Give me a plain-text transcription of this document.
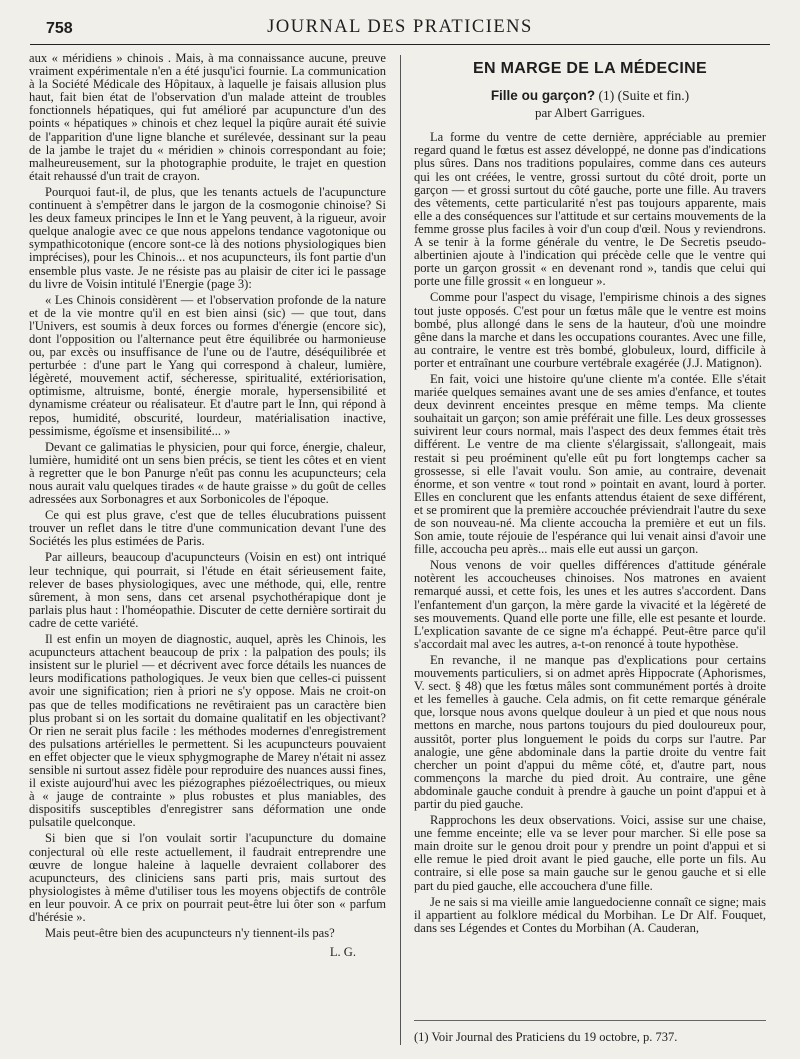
758	JOURNAL DES PRATICIENS

aux « méridiens » chinois . Mais, à ma connaissance aucune, preuve vraiment expérimentale n'en a été jusqu'ici fournie. La communication à la Société Médicale des Hôpitaux, à laquelle je faisais allusion plus haut, fait bien état de l'observation d'un malade atteint de troubles fonctionnels hépatiques, qui fut amélioré par acupuncture d'un des points « hépatiques » chinois et chez lequel la piqûre aurait été suivie de l'apparition d'une ligne blanche et surélevée, dessinant sur la peau de la jambe le trajet du « méridien » chinois correspondant au foie; malheureusement, sur la photographie produite, le trajet en question était rehaussé d'un trait de crayon.

Pourquoi faut-il, de plus, que les tenants actuels de l'acupuncture continuent à s'empêtrer dans le jargon de la cosmogonie chinoise? Si les deux fameux principes le Inn et le Yang peuvent, à la rigueur, avoir quelque analogie avec ce que nous appelons tendance vagotonique ou sympathicotonique (encore sont-ce là des notions physiologiques bien imprécises), pour les Chinois... et nos acupuncteurs, ils font partie d'un ensemble plus vaste. Je ne résiste pas au plaisir de citer ici le passage du livre de Voisin intitulé l'Energie (page 3):

« Les Chinois considèrent — et l'observation profonde de la nature et de la vie montre qu'il en est bien ainsi (sic) — que tout, dans l'Univers, est soumis à deux forces ou formes d'énergie (encore sic), dont l'opposition ou l'alternance peut être équilibrée ou harmonieuse ou, par excès ou insuffisance de l'une ou de l'autre, déséquilibrée et perturbée : d'une part le Yang qui correspond à chaleur, lumière, légèreté, mouvement actif, sécheresse, spiritualité, extériorisation, optimisme, altruisme, bonté, énergie morale, hypersensibilité et dynamisme créateur ou réalisateur. Et d'autre part le Inn, qui répond à repos, humidité, obscurité, lourdeur, matérialisation inactive, pessimisme, égoïsme et insensibilité... »

Devant ce galimatias le physicien, pour qui force, énergie, chaleur, lumière, humidité ont un sens bien précis, se tient les côtes et en vient à regretter que le bon Panurge n'eût pas connu les acupuncteurs; cela nous aurait valu quelques tirades « de haute graisse » du goût de celles adressées aux Sorbonagres et aux Sorbonicoles de l'époque.

Ce qui est plus grave, c'est que de telles élucubrations puissent trouver un reflet dans le titre d'une communication devant l'une des Sociétés les plus estimées de Paris.

Par ailleurs, beaucoup d'acupuncteurs (Voisin en est) ont intriqué leur technique, qui pourrait, si l'étude en était sérieusement faite, relever de bases physiologiques, avec une méthode, qui, elle, rentre sûrement, à mon sens, dans cet arsenal psychothérapique dont je parlais plus haut : l'homéopathie. Discuter de cette dernière sortirait du cadre de cette variété.

Il est enfin un moyen de diagnostic, auquel, après les Chinois, les acupuncteurs attachent beaucoup de prix : la palpation des pouls; ils insistent sur le pluriel — et décrivent avec force détails les nuances de leurs modifications pathologiques. Je veux bien que celles-ci puissent avoir une signification; rien à priori ne s'y oppose. Mais ne croit-on pas que de telles modifications ne revêtiraient pas un caractère bien plus probant si on les sortait du domaine qualitatif en les objectivant? Or rien ne serait plus facile : les méthodes modernes d'enregistrement des pulsations artérielles le permettent. Si les acupuncteurs pouvaient en effet objecter que le vieux sphygmographe de Marey n'était ni assez sensible ni surtout assez fidèle pour reproduire des nuances aussi fines, il existe aujourd'hui avec les piézographes piézoélectriques, ou mieux à « jauge de contrainte » plus robustes et plus maniables, des dispositifs susceptibles d'enregistrer sans déformation une onde pulsatile quelconque.

Si bien que si l'on voulait sortir l'acupuncture du domaine conjectural où elle reste actuellement, il faudrait entreprendre une œuvre de longue haleine à laquelle devraient collaborer des acupuncteurs, des cliniciens sans parti pris, mais surtout des physiologistes à même d'utiliser tous les moyens objectifs de contrôle en leur pouvoir. A ce prix on pourrait peut-être lui ôter son « parfum d'hérésie ».

Mais peut-être bien des acupuncteurs n'y tiennent-ils pas?

L. G.
EN MARGE DE LA MÉDECINE
Fille ou garçon? (1) (Suite et fin.)
par Albert Garrigues.

La forme du ventre de cette dernière, appréciable au premier regard quand le fœtus est assez développé, ne donne pas d'indications plus sûres. Dans nos traditions populaires, comme dans ces auteurs qui les ont créées, le ventre, grossi surtout du côté droit, porte un garçon — et grossi surtout du côté gauche, porte une fille. Au travers des vêtements, cette particularité n'est pas toujours apparente, mais elle a des conséquences sur l'attitude et sur certains mouvements de la femme grosse plus faciles à voir d'un coup d'œil. Nous y reviendrons. A se tenir à la forme générale du ventre, le De Secretis pseudo-albertinien ajoute à l'indication qui précède celle que le ventre qui porte un garçon grossit « en devenant rond », tandis que celui qui porte une fille grossit « en longueur ».

Comme pour l'aspect du visage, l'empirisme chinois a des signes tout juste opposés. C'est pour un fœtus mâle que le ventre est moins bombé, plus allongé dans le sens de la hauteur, d'où une moindre gêne dans la marche et dans les occupations courantes. Avec une fille, au contraire, le ventre est très bombé, globuleux, lourd, difficile à porter et entraînant une courbure vertébrale exagérée (J.J. Matignon).

En fait, voici une histoire qu'une cliente m'a contée. Elle s'était mariée quelques semaines avant une de ses amies d'enfance, et toutes deux devinrent enceintes presque en même temps. Ma cliente souhaitait un garçon; son amie préférait une fille. Les deux grossesses suivirent leur cours normal, mais l'aspect des deux femmes était très différent. Le ventre de ma cliente s'élargissait, s'allongeait, mais restait si peu proéminent qu'elle eût pu fort longtemps cacher sa grossesse, si elle l'avait voulu. Son amie, au contraire, devenait énorme, et son ventre « tout rond » pointait en avant, lourd à porter. Elles en conclurent que les enfants attendus étaient de sexe différent, et se promirent que la première accouchée préviendrait l'autre du sexe de son nouveau-né. Ma cliente accoucha la première et eut un fils. Son amie, toute réjouie de l'espérance qui lui venait ainsi d'avoir une fille, accoucha peu après... mais elle eut aussi un garçon.

Nous venons de voir quelles différences d'attitude générale notèrent les accoucheuses chinoises. Nos matrones en avaient remarqué aussi, et cette fois, les unes et les autres s'accordent. Dans l'enfantement d'un garçon, la mère garde la vivacité et la légèreté de ses mouvements. Quand elle porte une fille, elle est pesante et lourde. L'explication savante de ce signe m'a échappé. Peut-être parce qu'il s'accordait mal avec les autres, a-t-on renoncé à toute hypothèse.

En revanche, il ne manque pas d'explications pour certains mouvements particuliers, si on admet après Hippocrate (Aphorismes, V. sect. § 48) que les fœtus mâles sont communément portés à droite et les femelles à gauche. Cela admis, on fit cette remarque générale que, lorsque nous avons quelque douleur à un pied et que nous nous mettons en marche, nous partons toujours du pied douloureux pour, aussitôt, porter plus longuement le poids du corps sur l'autre. Par analogie, une gêne abdominale dans la partie droite du ventre fait chercher un point d'appui du même côté, et, d'autre part, nous commençons la marche du pied droit. Au contraire, une gêne abdominale gauche conduit à prendre à gauche un point d'appui et à partir du pied gauche.

Rapprochons les deux observations. Voici, assise sur une chaise, une femme enceinte; elle va se lever pour marcher. Si elle pose sa main droite sur le genou droit pour y prendre un point d'appui et si elle remue le pied droit avant le pied gauche, elle porte un fils. Au contraire, si elle pose sa main gauche sur le genou gauche et si elle part du pied gauche, elle accouchera d'une fille.

Je ne sais si ma vieille amie languedocienne connaît ce signe; mais il appartient au folklore médical du Morbihan. Le Dr Alf. Fouquet, dans ses Légendes et Contes du Morbihan (A. Cauderan,

(1) Voir Journal des Praticiens du 19 octobre, p. 737.
